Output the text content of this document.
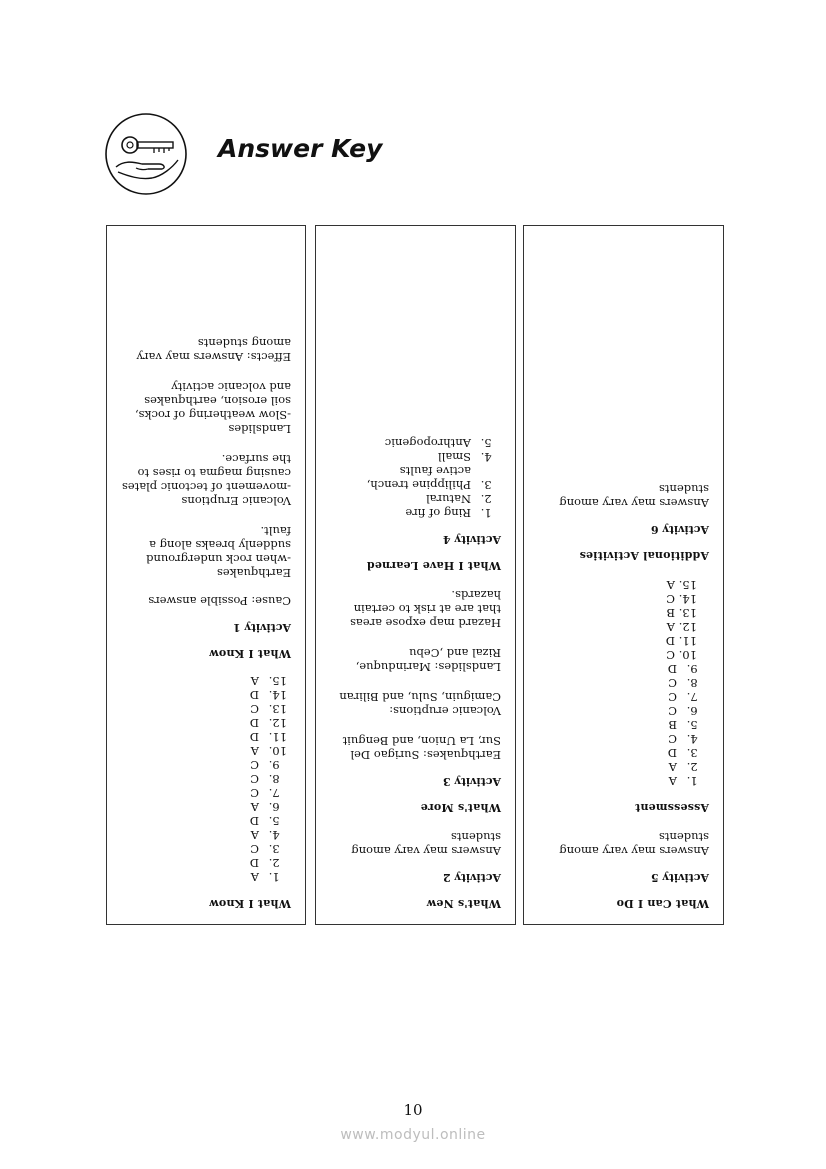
Answer Key
What I Know
1. A
2. D
3. C
4. A
5. D
6. A
7. C
8. C
9. C
10. A
11. D
12. D
13. C
14. D
15. A
What I Know
Activity 1
Cause: Possible answers
Earthquakes
-when rock underground
suddenly breaks along a
fault.
Volcanic Eruptions
-movement of tectonic plates
causing magma to rises to
the surface.
Landslides
-Slow weathering of rocks,
soil erosion, earthquakes
and volcanic activity
Effects: Answers may vary
among students
What's New
Activity 2
Answers may vary among
students
What's More
Activity 3
Earthquakes: Surigao Del
Sur, La Union, and Benguit
Volcanic eruptions:
Camiguin, Sulu, and Biliran
Landslides: Marinduque,
Rizal and ,Cebu
Hazard map expose areas
that are at risk to certain
hazards.
What I Have Learned
Activity 4
1. Ring of fire
2. Natural
3. Philippine trench, active faults
4. Small
5. Anthropogenic
What Can I Do
Activity 5
Answers may vary among
students
Assessment
1. A
2. A
3. D
4. C
5. B
6. C
7. C
8. C
9. D
10. C
11. D
12. A
13. B
14. C
15. A
Additional Activities
Activity 6
Answers may vary among
students
10
www.modyul.online
